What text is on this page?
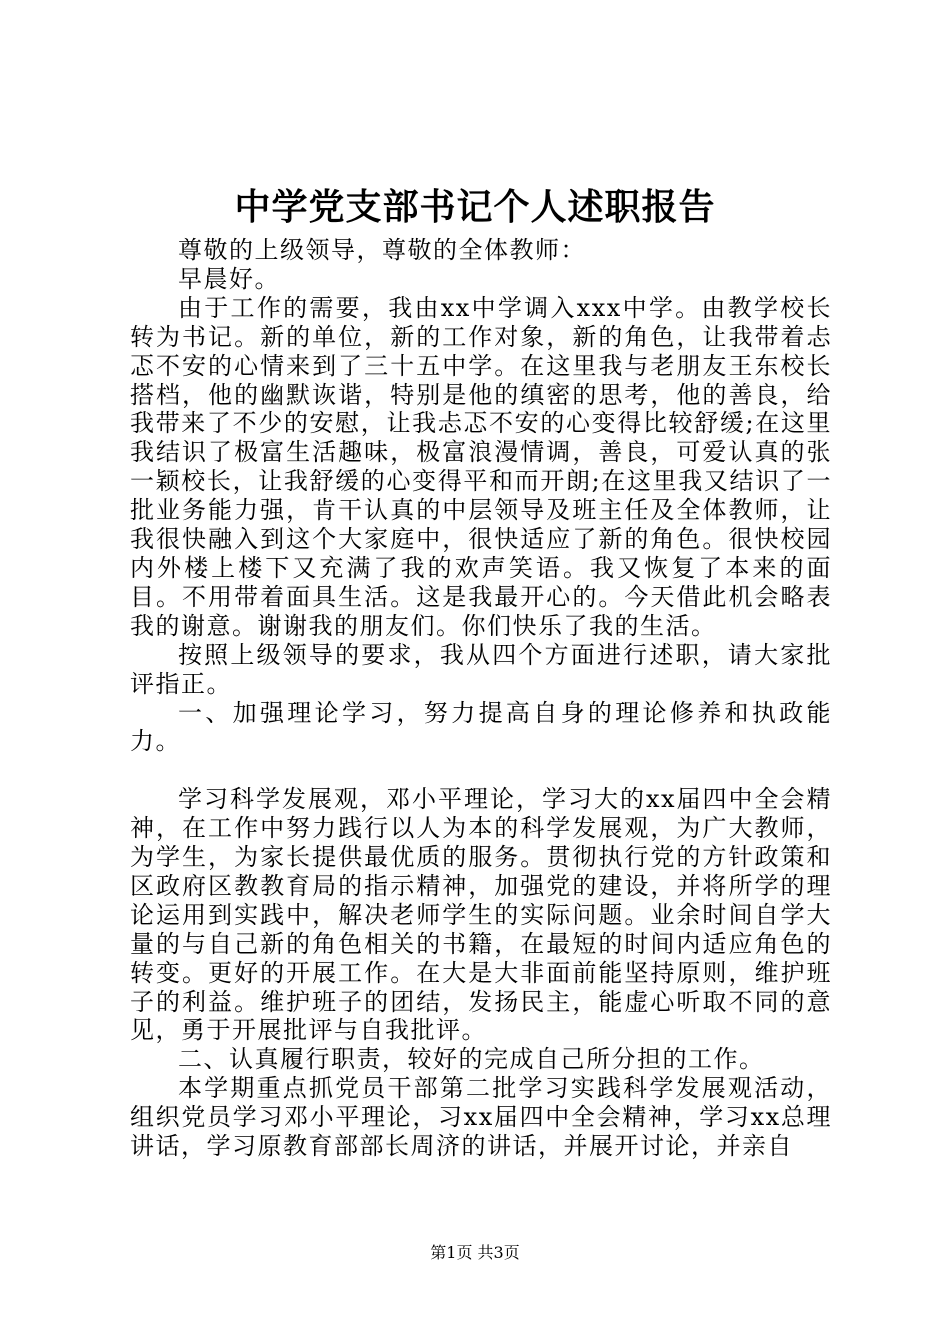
中学党支部书记个人述职报告

尊敬的上级领导，尊敬的全体教师：

早晨好。

由于工作的需要，我由xx中学调入xxx中学。由教学校长转为书记。新的单位，新的工作对象，新的角色，让我带着忐忑不安的心情来到了三十五中学。在这里我与老朋友王东校长搭档，他的幽默诙谐，特别是他的缜密的思考，他的善良，给我带来了不少的安慰，让我忐忑不安的心变得比较舒缓;在这里我结识了极富生活趣味，极富浪漫情调，善良，可爱认真的张一颖校长，让我舒缓的心变得平和而开朗;在这里我又结识了一批业务能力强，肯干认真的中层领导及班主任及全体教师，让我很快融入到这个大家庭中，很快适应了新的角色。很快校园内外楼上楼下又充满了我的欢声笑语。我又恢复了本来的面目。不用带着面具生活。这是我最开心的。今天借此机会略表我的谢意。谢谢我的朋友们。你们快乐了我的生活。

按照上级领导的要求，我从四个方面进行述职，请大家批评指正。

一、加强理论学习，努力提高自身的理论修养和执政能力。

学习科学发展观，邓小平理论，学习大的xx届四中全会精神，在工作中努力践行以人为本的科学发展观，为广大教师，为学生，为家长提供最优质的服务。贯彻执行党的方针政策和区政府区教教育局的指示精神，加强党的建设，并将所学的理论运用到实践中，解决老师学生的实际问题。业余时间自学大量的与自己新的角色相关的书籍，在最短的时间内适应角色的转变。更好的开展工作。在大是大非面前能坚持原则，维护班子的利益。维护班子的团结，发扬民主，能虚心听取不同的意见，勇于开展批评与自我批评。

二、认真履行职责，较好的完成自己所分担的工作。

本学期重点抓党员干部第二批学习实践科学发展观活动，组织党员学习邓小平理论，习xx届四中全会精神，学习xx总理讲话，学习原教育部部长周济的讲话，并展开讨论，并亲自

第1页 共3页
